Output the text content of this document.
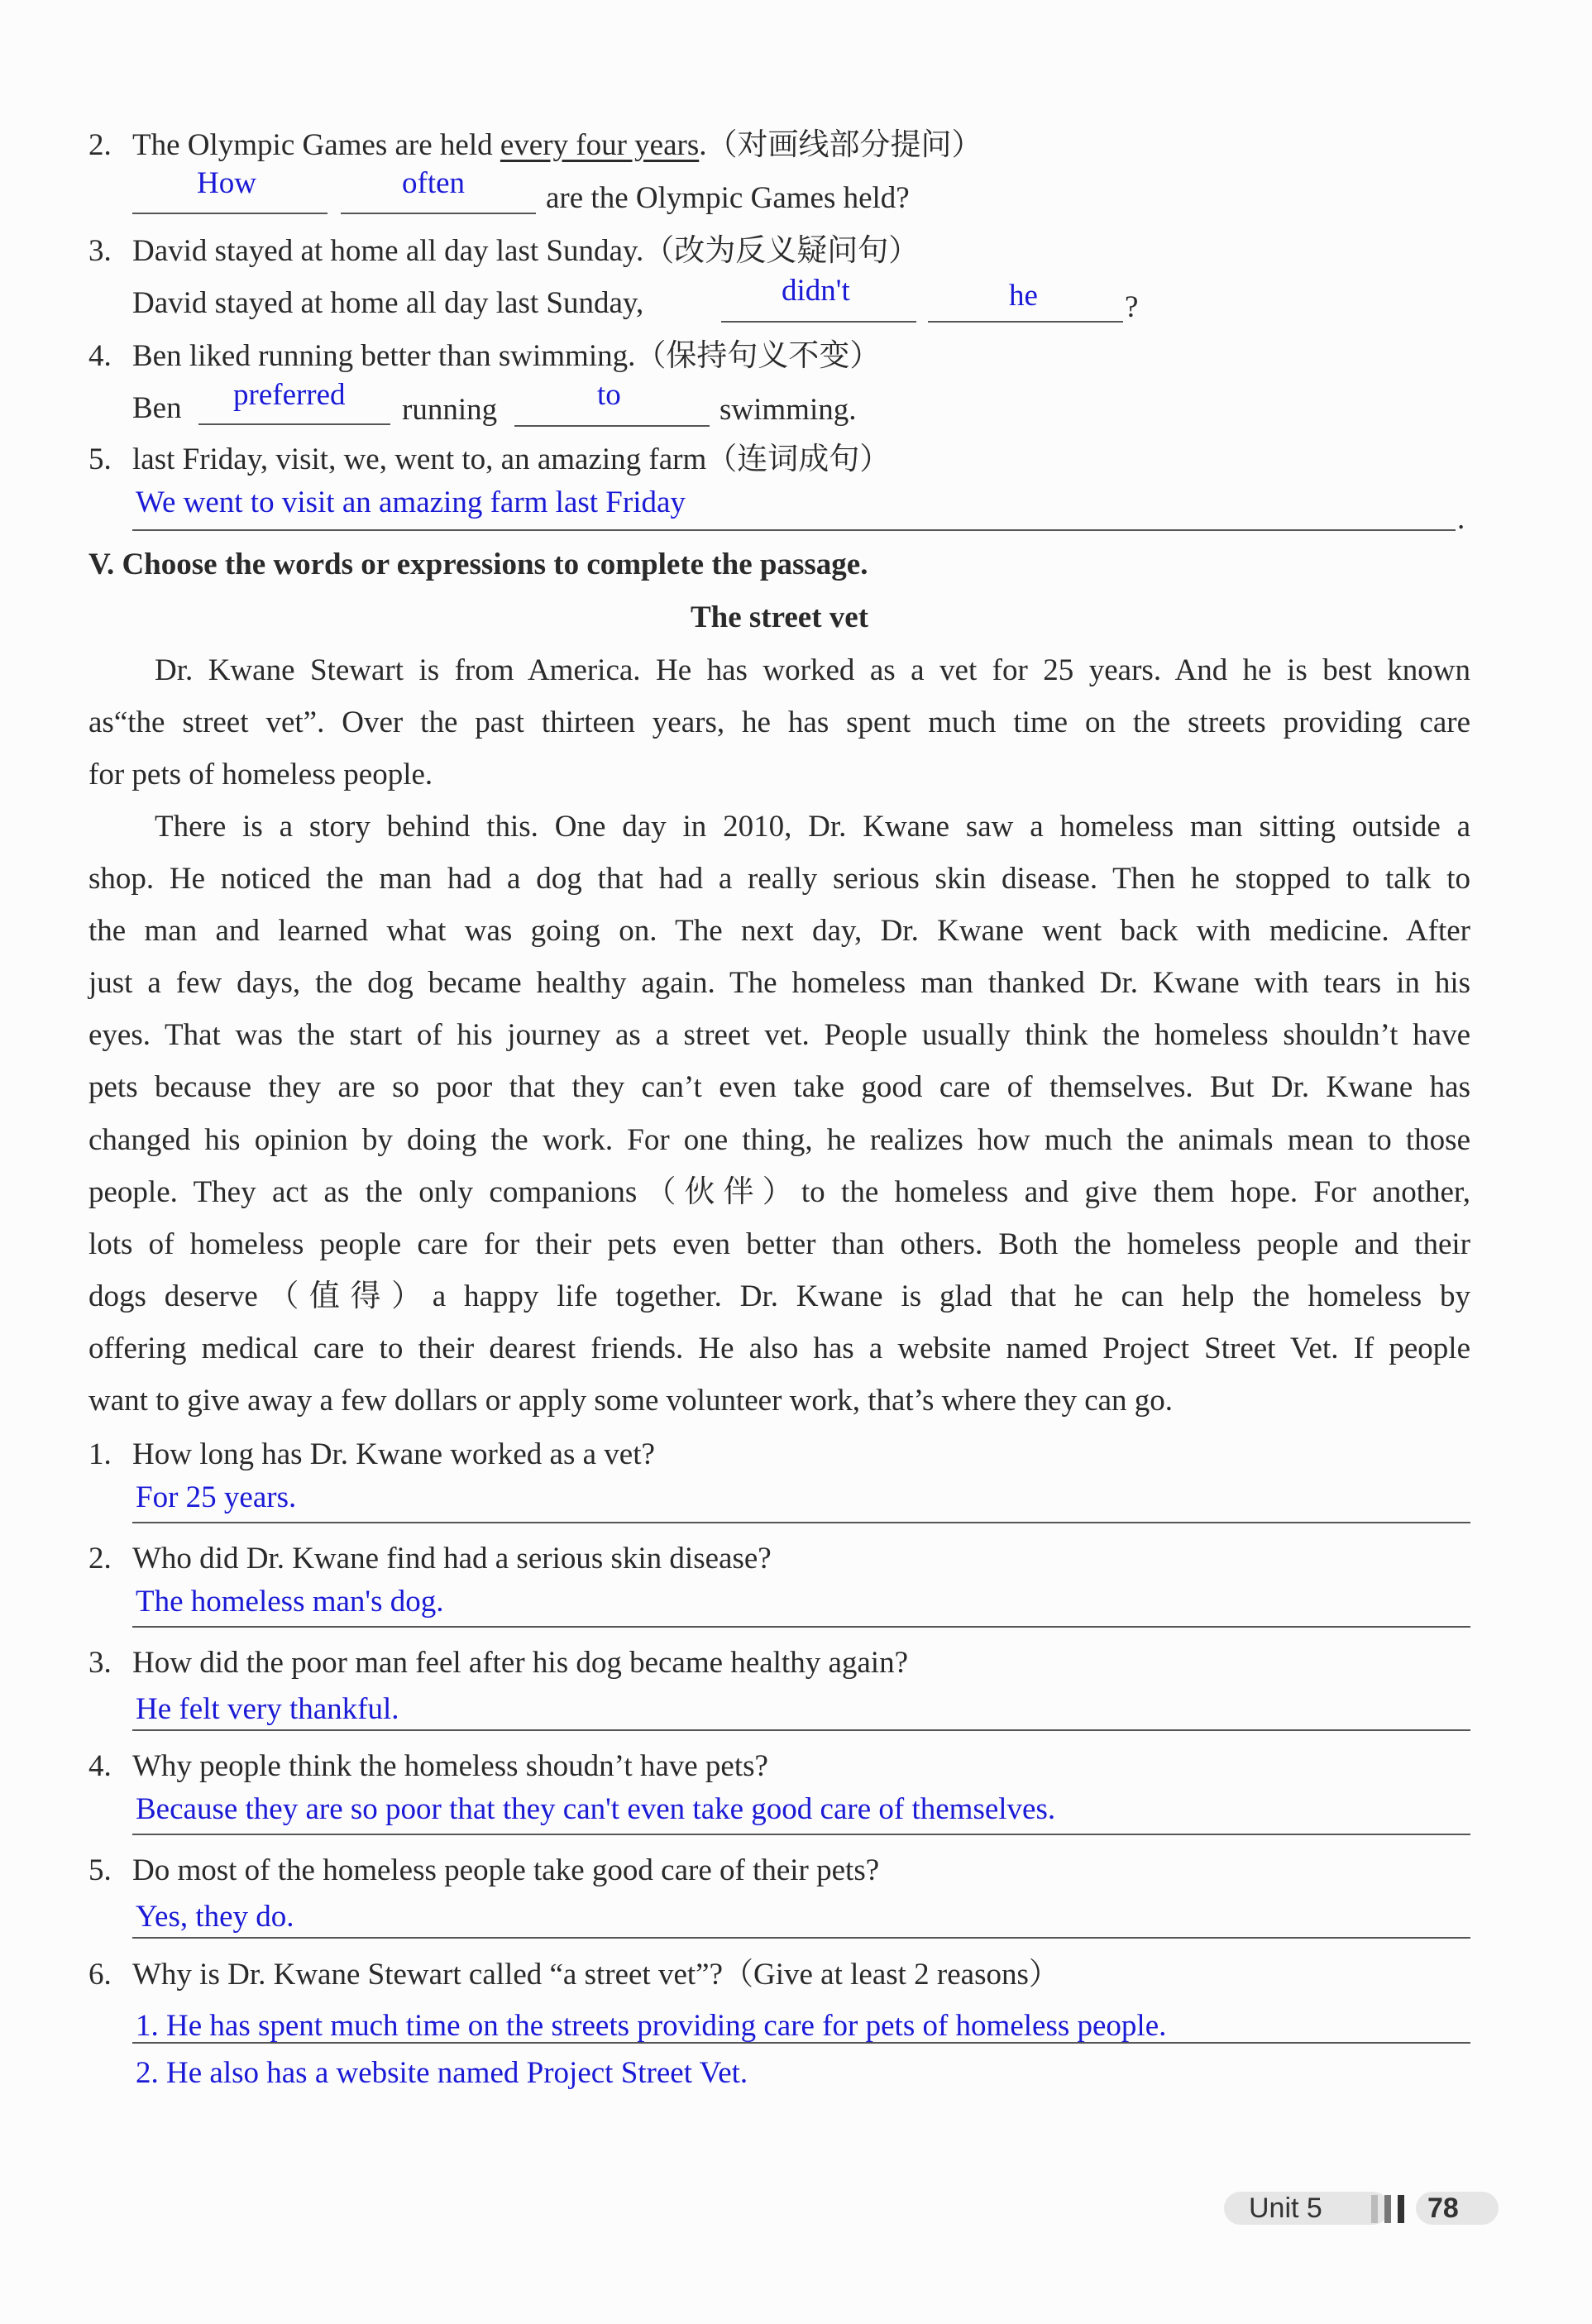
2. The Olympic Games are held every four years.（对画线部分提问）
How	often	are the Olympic Games held?
3. David stayed at home all day last Sunday.（改为反义疑问句）
David stayed at home all day last Sunday,	didn't	he	?
4. Ben liked running better than swimming.（保持句义不变）
Ben preferred running	to	swimming.
5. last Friday, visit, we, went to, an amazing farm（连词成句）
We went to visit an amazing farm last Friday	.
V. Choose the words or expressions to complete the passage.
The street vet
Dr. Kwane Stewart is from America. He has worked as a vet for 25 years. And he is best known
as“the street vet”. Over the past thirteen years, he has spent much time on the streets providing care
for pets of homeless people.
There is a story behind this. One day in 2010, Dr. Kwane saw a homeless man sitting outside a
shop. He noticed the man had a dog that had a really serious skin disease. Then he stopped to talk to
the man and learned what was going on. The next day, Dr. Kwane went back with medicine. After
just a few days, the dog became healthy again. The homeless man thanked Dr. Kwane with tears in his
eyes. That was the start of his journey as a street vet. People usually think the homeless shouldn’t have
pets because they are so poor that they can’t even take good care of themselves. But Dr. Kwane has
changed his opinion by doing the work. For one thing, he realizes how much the animals mean to those
people. They act as the only companions（伙伴）to the homeless and give them hope. For another,
lots of homeless people care for their pets even better than others. Both the homeless people and their
dogs deserve（值得）a happy life together. Dr. Kwane is glad that he can help the homeless by
offering medical care to their dearest friends. He also has a website named Project Street Vet. If people
want to give away a few dollars or apply some volunteer work, that’s where they can go.
1. How long has Dr. Kwane worked as a vet?
For 25 years.
2. Who did Dr. Kwane find had a serious skin disease?
The homeless man's dog.
3. How did the poor man feel after his dog became healthy again?
He felt very thankful.
4. Why people think the homeless shoudn’t have pets?
Because they are so poor that they can't even take good care of themselves.
5. Do most of the homeless people take good care of their pets?
Yes, they do.
6. Why is Dr. Kwane Stewart called “a street vet”?（Give at least 2 reasons）
1. He has spent much time on the streets providing care for pets of homeless people.
2. He also has a website named Project Street Vet.
Unit 5	78
